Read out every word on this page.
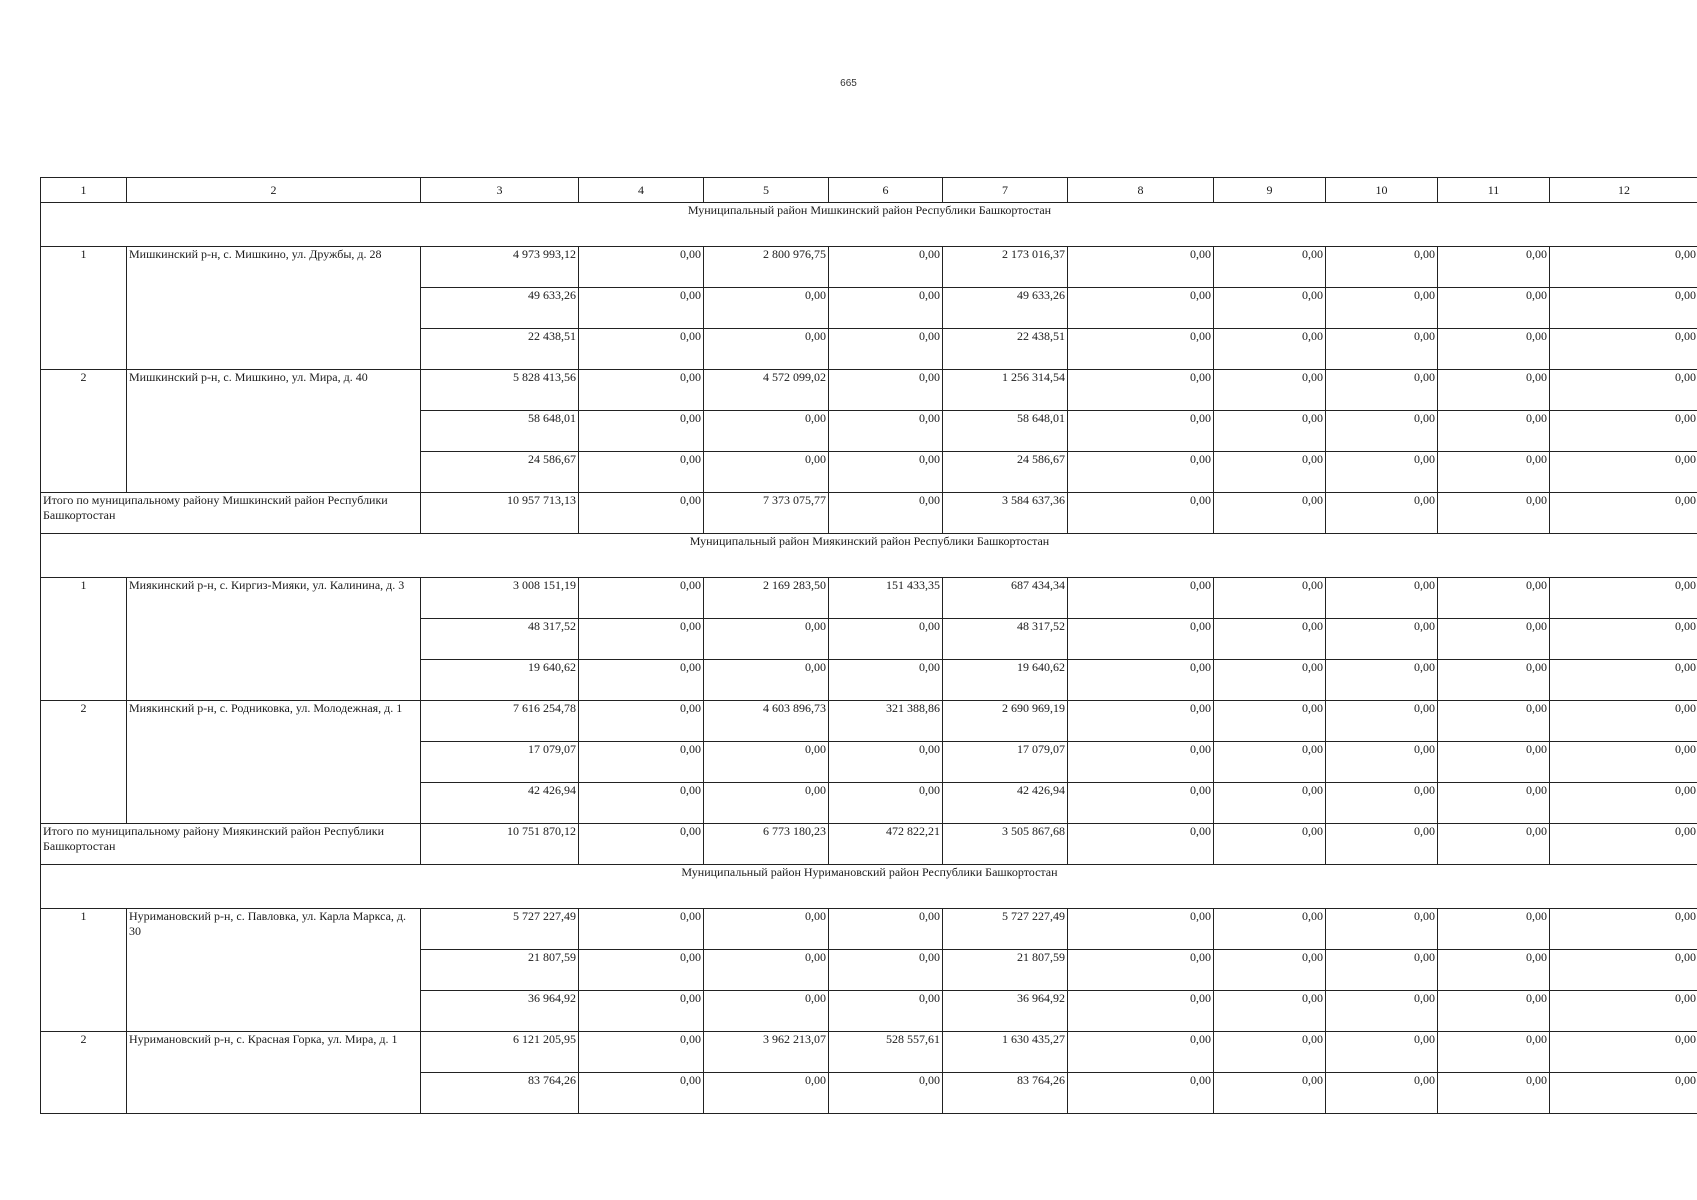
665
1	2	3	4	5	6	7	8	9	10	11	12
Муниципальный район Мишкинский район Республики Башкортостан											
1	Мишкинский р-н, с. Мишкино, ул. Дружбы, д. 28	4 973 993,12	0,00	2 800 976,75	0,00	2 173 016,37	0,00	0,00	0,00	0,00	0,00
		49 633,26	0,00	0,00	0,00	49 633,26	0,00	0,00	0,00	0,00	0,00
		22 438,51	0,00	0,00	0,00	22 438,51	0,00	0,00	0,00	0,00	0,00
2	Мишкинский р-н, с. Мишкино, ул. Мира, д. 40	5 828 413,56	0,00	4 572 099,02	0,00	1 256 314,54	0,00	0,00	0,00	0,00	0,00
		58 648,01	0,00	0,00	0,00	58 648,01	0,00	0,00	0,00	0,00	0,00
		24 586,67	0,00	0,00	0,00	24 586,67	0,00	0,00	0,00	0,00	0,00
Итого по муниципальному району Мишкинский район Республики Башкортостан		10 957 713,13	0,00	7 373 075,77	0,00	3 584 637,36	0,00	0,00	0,00	0,00	0,00
Муниципальный район Миякинский район Республики Башкортостан											
1	Миякинский р-н, с. Киргиз-Мияки, ул. Калинина, д. 3	3 008 151,19	0,00	2 169 283,50	151 433,35	687 434,34	0,00	0,00	0,00	0,00	0,00
		48 317,52	0,00	0,00	0,00	48 317,52	0,00	0,00	0,00	0,00	0,00
		19 640,62	0,00	0,00	0,00	19 640,62	0,00	0,00	0,00	0,00	0,00
2	Миякинский р-н, с. Родниковка, ул. Молодежная, д. 1	7 616 254,78	0,00	4 603 896,73	321 388,86	2 690 969,19	0,00	0,00	0,00	0,00	0,00
		17 079,07	0,00	0,00	0,00	17 079,07	0,00	0,00	0,00	0,00	0,00
		42 426,94	0,00	0,00	0,00	42 426,94	0,00	0,00	0,00	0,00	0,00
Итого по муниципальному району Миякинский район Республики Башкортостан		10 751 870,12	0,00	6 773 180,23	472 822,21	3 505 867,68	0,00	0,00	0,00	0,00	0,00
Муниципальный район Нуримановский район Республики Башкортостан											
1	Нуримановский р-н, с. Павловка, ул. Карла Маркса, д. 30	5 727 227,49	0,00	0,00	0,00	5 727 227,49	0,00	0,00	0,00	0,00	0,00
		21 807,59	0,00	0,00	0,00	21 807,59	0,00	0,00	0,00	0,00	0,00
		36 964,92	0,00	0,00	0,00	36 964,92	0,00	0,00	0,00	0,00	0,00
2	Нуримановский р-н, с. Красная Горка, ул. Мира, д. 1	6 121 205,95	0,00	3 962 213,07	528 557,61	1 630 435,27	0,00	0,00	0,00	0,00	0,00
		83 764,26	0,00	0,00	0,00	83 764,26	0,00	0,00	0,00	0,00	0,00
